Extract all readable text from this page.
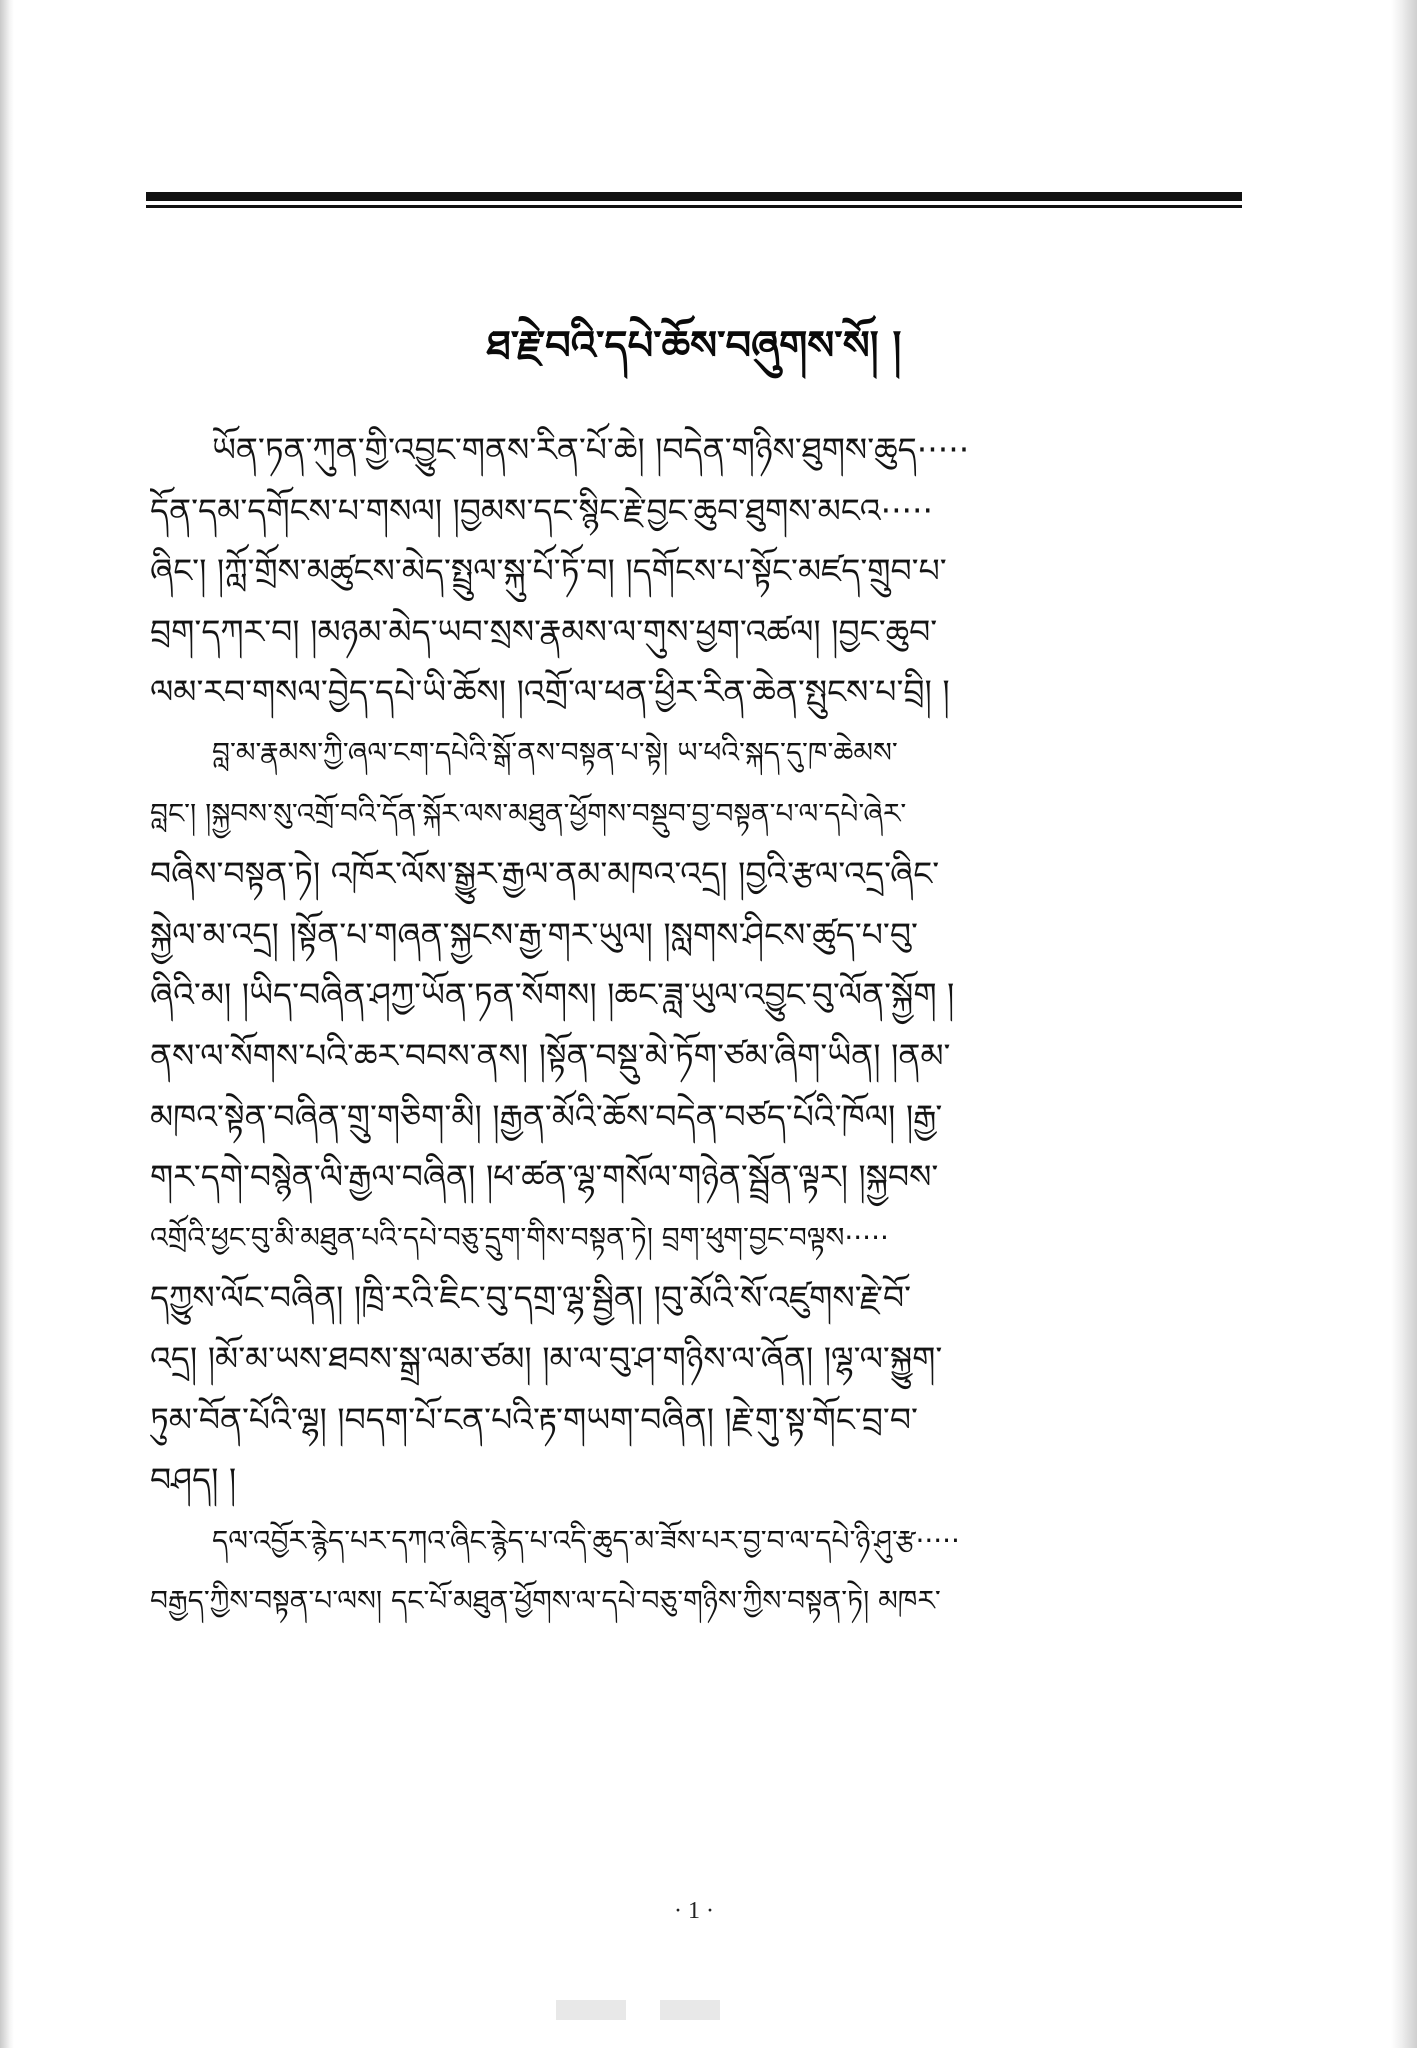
ཐ་རྗེ་བའི་དཔེ་ཆོས་བཞུགས་སོ། །
ཡོན་ཏན་ཀུན་གྱི་འབྱུང་གནས་རིན་པོ་ཆེ། །བདེན་གཉིས་ཐུགས་ཆུད·····
དོན་དམ་དགོངས་པ་གསལ། །བྱམས་དང་སྙིང་རྗེ་བྱང་ཆུབ་ཐུགས་མངའ·····
ཞིང་། །ཀློ་གྲོས་མཚུངས་མེད་སྤྲུལ་སྐུ་པོ་ཏོ་བ། །དགོངས་པ་སྟོང་མཛད་གྲུབ་པ་
བྲག་དཀར་བ། །མཉམ་མེད་ཡབ་སྲས་རྣམས་ལ་གུས་ཕྱག་འཚལ། །བྱང་ཆུབ་
ལམ་རབ་གསལ་བྱེད་དཔེ་ཡི་ཆོས། །འགྲོ་ལ་ཕན་ཕྱིར་རིན་ཆེན་སྤུངས་པ་བྲི། །
བླ་མ་རྣམས་ཀྱི་ཞལ་ངག་དཔེའི་སྒོ་ནས་བསྟན་པ་སྟེ། ཡ་ཕའི་སྐད་དུ་ཁ་ཆེམས་
བླང་། །སྐྱབས་སུ་འགྲོ་བའི་དོན་སྐོར་ལས་མཐུན་ཕྱོགས་བསྡུབ་བྱ་བསྟན་པ་ལ་དཔེ་ཞེར་
བཞིས་བསྟན་ཏེ། འཁོར་ལོས་སྒྱུར་རྒྱལ་ནམ་མཁའ་འདྲ། །བྱའི་རྩལ་འདྲ་ཞིང་
སྐྱེལ་མ་འདྲ། །སྟོན་པ་གཞན་སྐྱངས་རྒྱ་གར་ཡུལ། །སླགས་ཤིངས་ཚུད་པ་བུ་
ཞིའི་མ། །ཡིད་བཞིན་ཤཀྱ་ཡོན་ཏན་སོགས། །ཆང་ཟླ་ཡུལ་འབྱུང་བུ་ལོན་སྐྱོག །
ནས་ལ་སོགས་པའི་ཆར་བབས་ནས། །སྟོན་བསྡུ་མེ་ཏོག་ཙམ་ཞིག་ཡིན། །ནམ་
མཁའ་སྟེན་བཞིན་གྲུ་གཅིག་མི། །རྒྱན་མོའི་ཆོས་བདེན་བཙད་པོའི་ཁོལ། །རྒྱ་
གར་དགེ་བསྙེན་ལི་རྒྱལ་བཞིན། །ཕ་ཚན་ལྷ་གསོལ་གཉེན་སྦྲོན་ལྟར། །སྐྱབས་
འགྲོའི་ཕྱང་བུ་མི་མཐུན་པའི་དཔེ་བཅུ་དྲུག་གིས་བསྟན་ཏེ། བྲག་ཕུག་བྱང་བལྟས·····
དཀྱུས་ལོང་བཞིན། །ཁྲི་རའི་ཇིང་བུ་དགྲ་ལྷ་སྦྱིན། །བུ་མོའི་སོ་འཛུགས་རྗེ་བོ་
འདྲ། །མོ་མ་ཡས་ཐབས་སྒྲ་ལམ་ཙམ། །མ་ལ་བུ་ཤ་གཉིས་ལ་ཞོན། །ལྷ་ལ་སྐྱུག་
ཏུམ་བོན་པོའི་ལྷ། །བདག་པོ་ངན་པའི་རྟ་གཡག་བཞིན། །རྗེ་གུ་སྟ་གོང་བྲ་བ་
བཤད། །
དལ་འབྱོར་རྙེད་པར་དཀའ་ཞིང་རྙེད་པ་འདི་ཆུད་མ་ཟོས་པར་བྱ་བ་ལ་དཔེ་ཉི་ཤུ་རྩ·····
བརྒྱད་ཀྱིས་བསྟན་པ་ལས། དང་པོ་མཐུན་ཕྱོགས་ལ་དཔེ་བཅུ་གཉིས་ཀྱིས་བསྟན་ཏེ། མཁར་
· 1 ·
